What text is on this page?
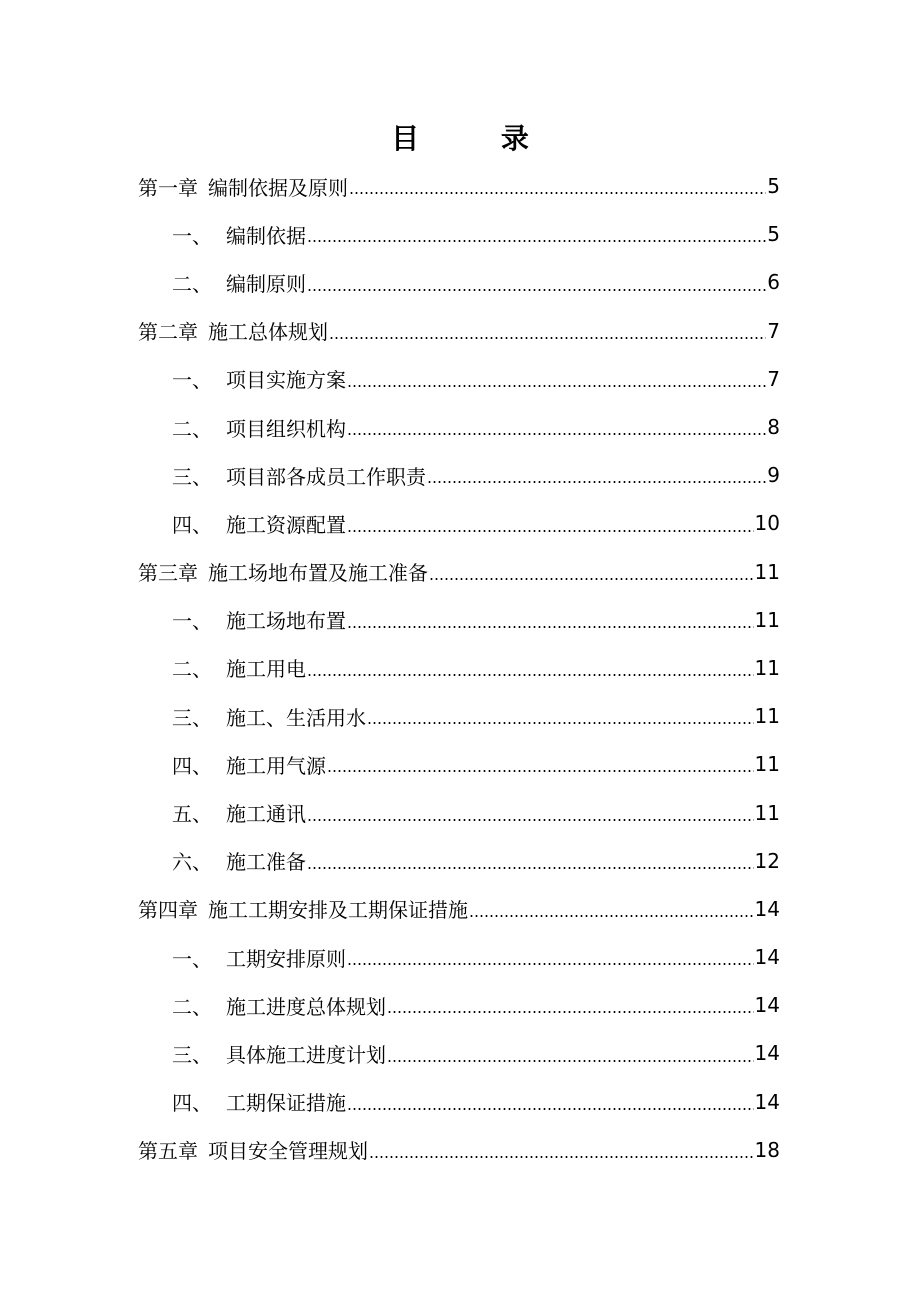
目 录
第一章 编制依据及原则	5
一、 编制依据	5
二、 编制原则	6
第二章 施工总体规划	7
一、 项目实施方案	7
二、 项目组织机构	8
三、 项目部各成员工作职责	9
四、 施工资源配置	10
第三章 施工场地布置及施工准备	11
一、 施工场地布置	11
二、 施工用电	11
三、 施工、生活用水	11
四、 施工用气源	11
五、 施工通讯	11
六、 施工准备	12
第四章 施工工期安排及工期保证措施	14
一、 工期安排原则	14
二、 施工进度总体规划	14
三、 具体施工进度计划	14
四、 工期保证措施	14
第五章 项目安全管理规划	18
